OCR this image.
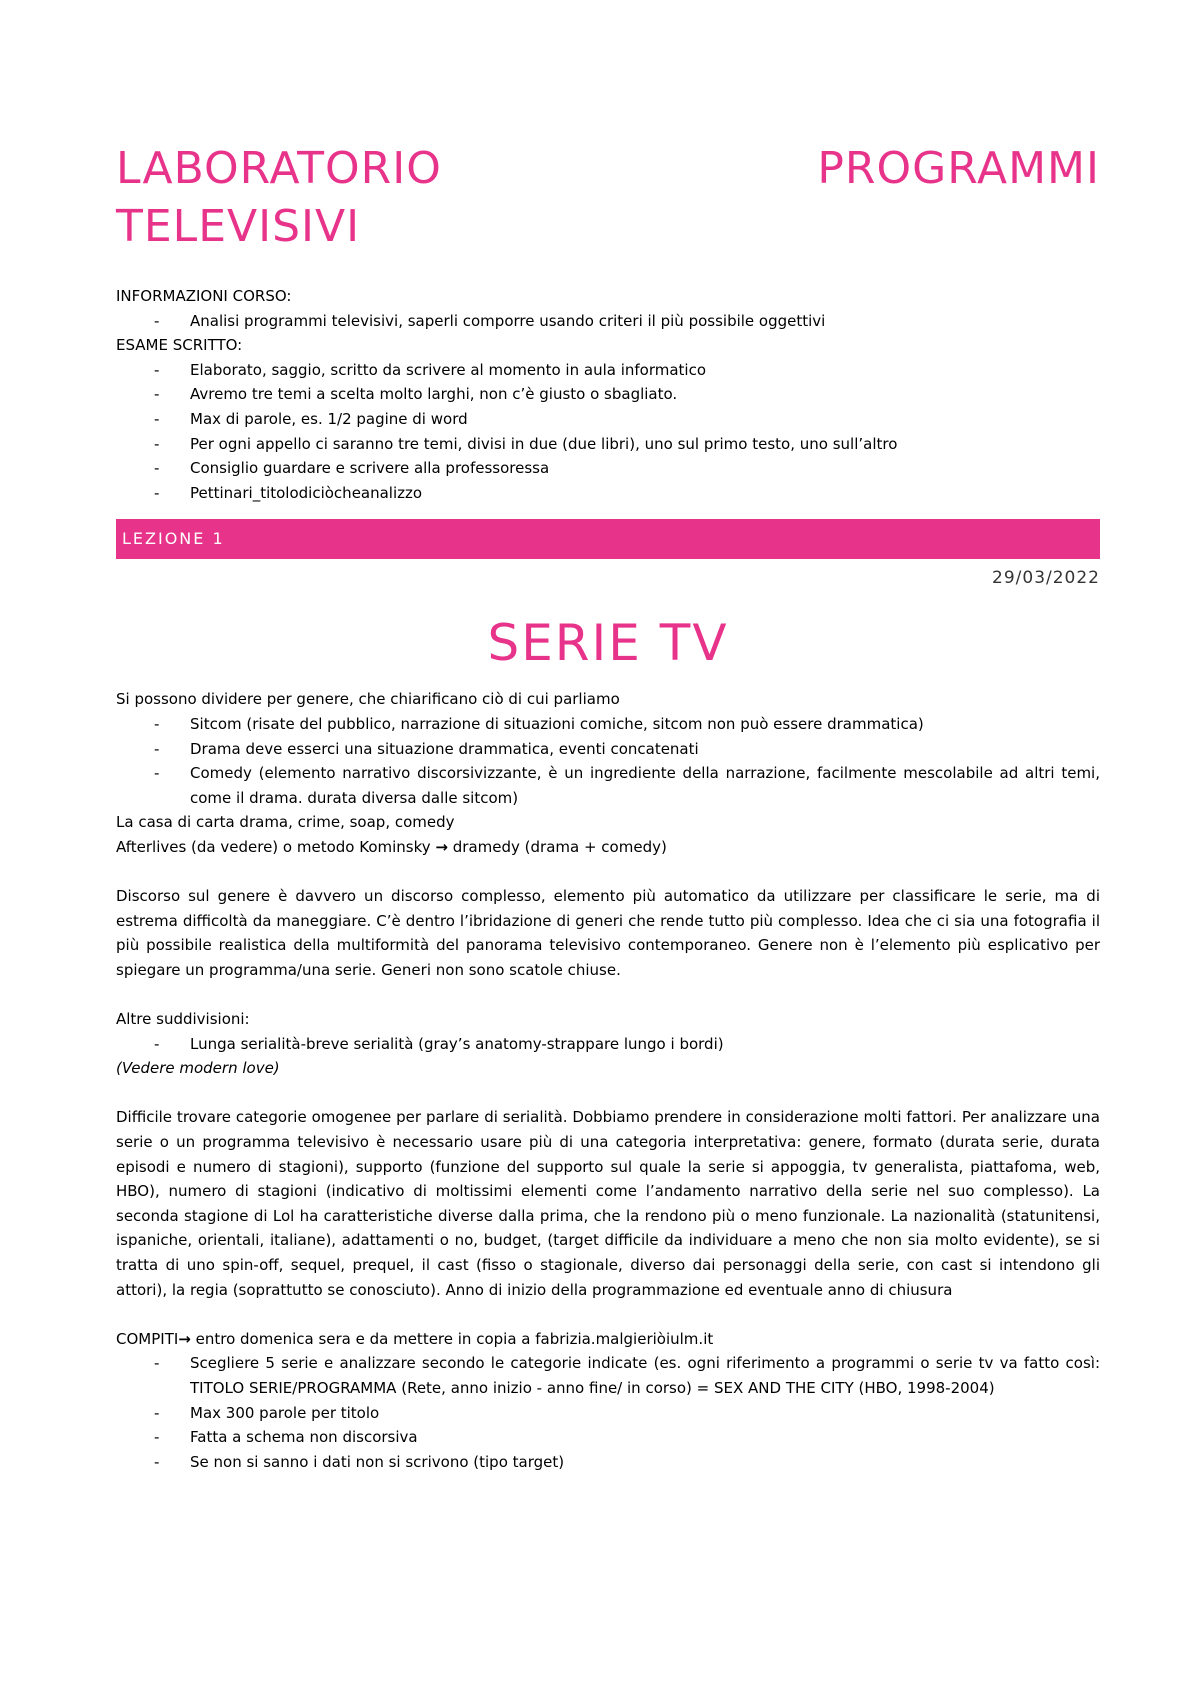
LABORATORIO	PROGRAMMI
TELEVISIVI

INFORMAZIONI CORSO:

- Analisi programmi televisivi, saperli comporre usando criteri il più possibile oggettivi

ESAME SCRITTO:

- Elaborato, saggio, scritto da scrivere al momento in aula informatico
- Avremo tre temi a scelta molto larghi, non c’è giusto o sbagliato.
- Max di parole, es. 1/2 pagine di word
- Per ogni appello ci saranno tre temi, divisi in due (due libri), uno sul primo testo, uno sull’altro
- Consiglio guardare e scrivere alla professoressa
- Pettinari_titolodiciòcheanalizzo
LEZIONE 1
29/03/2022
SERIE TV

Si possono dividere per genere, che chiarificano ciò di cui parliamo

- Sitcom (risate del pubblico, narrazione di situazioni comiche, sitcom non può essere drammatica)
- Drama deve esserci una situazione drammatica, eventi concatenati
- Comedy (elemento narrativo discorsivizzante, è un ingrediente della narrazione, facilmente mescolabile ad altri temi, come il drama. durata diversa dalle sitcom)

La casa di carta drama, crime, soap, comedy

Afterlives (da vedere) o metodo Kominsky → dramedy (drama + comedy)

Discorso sul genere è davvero un discorso complesso, elemento più automatico da utilizzare per classificare le serie, ma di estrema difficoltà da maneggiare. C’è dentro l’ibridazione di generi che rende tutto più complesso. Idea che ci sia una fotografia il più possibile realistica della multiformità del panorama televisivo contemporaneo. Genere non è l’elemento più esplicativo per spiegare un programma/una serie. Generi non sono scatole chiuse.

Altre suddivisioni:

- Lunga serialità-breve serialità (gray’s anatomy-strappare lungo i bordi)

(Vedere modern love)

Difficile trovare categorie omogenee per parlare di serialità. Dobbiamo prendere in considerazione molti fattori. Per analizzare una serie o un programma televisivo è necessario usare più di una categoria interpretativa: genere, formato (durata serie, durata episodi e numero di stagioni), supporto (funzione del supporto sul quale la serie si appoggia, tv generalista, piattafoma, web, HBO), numero di stagioni (indicativo di moltissimi elementi come l’andamento narrativo della serie nel suo complesso). La seconda stagione di Lol ha caratteristiche diverse dalla prima, che la rendono più o meno funzionale. La nazionalità (statunitensi, ispaniche, orientali, italiane), adattamenti o no, budget, (target difficile da individuare a meno che non sia molto evidente), se si tratta di uno spin-off, sequel, prequel, il cast (fisso o stagionale, diverso dai personaggi della serie, con cast si intendono gli attori), la regia (soprattutto se conosciuto). Anno di inizio della programmazione ed eventuale anno di chiusura

COMPITI→ entro domenica sera e da mettere in copia a fabrizia.malgieriòiulm.it

- Scegliere 5 serie e analizzare secondo le categorie indicate (es. ogni riferimento a programmi o serie tv va fatto così: TITOLO SERIE/PROGRAMMA (Rete, anno inizio - anno fine/ in corso) = SEX AND THE CITY (HBO, 1998-2004)
- Max 300 parole per titolo
- Fatta a schema non discorsiva
- Se non si sanno i dati non si scrivono (tipo target)
